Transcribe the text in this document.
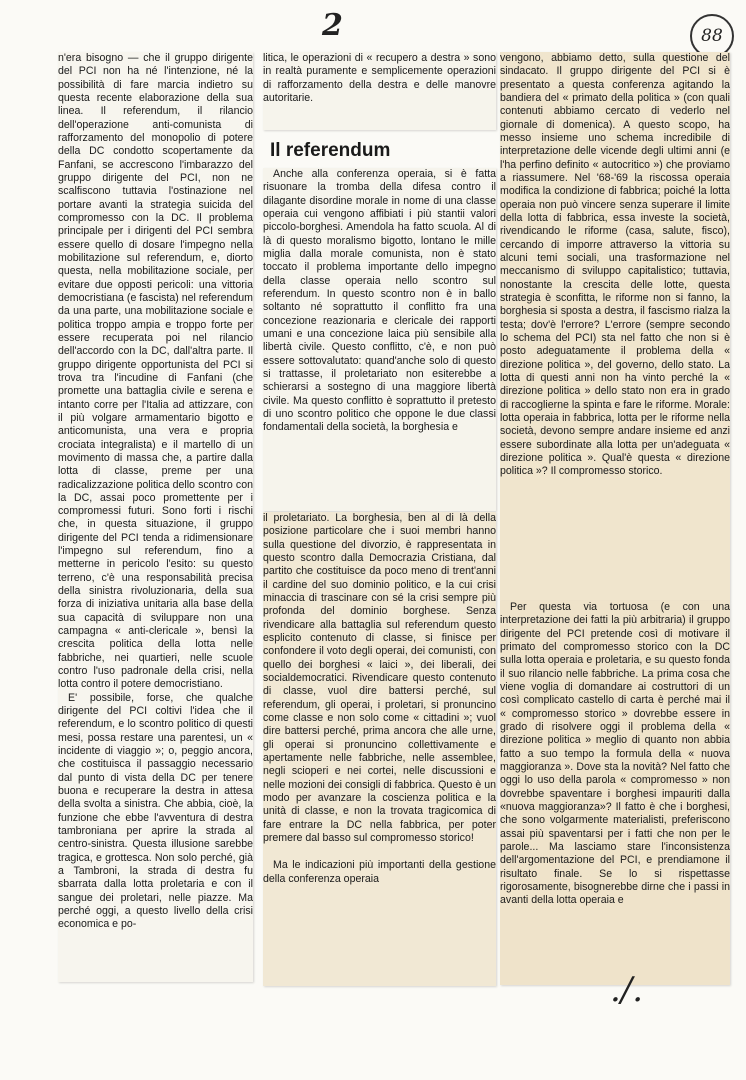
2	88

n'era bisogno — che il gruppo dirigente del PCI non ha né l'intenzione, né la possibilità di fare marcia indietro su questa recente elaborazione della sua linea. Il referendum, il rilancio dell'operazione anti-comunista di rafforzamento del monopolio di potere della DC condotto scopertamente da Fanfani, se accrescono l'imbarazzo del gruppo dirigente del PCI, non ne scalfiscono tuttavia l'ostinazione nel portare avanti la strategia suicida del compromesso con la DC. Il problema principale per i dirigenti del PCI sembra essere quello di dosare l'impegno nella mobilitazione sul referendum, e, diorto questa, nella mobilitazione sociale, per evitare due opposti pericoli: una vittoria democristiana (e fascista) nel referendum da una parte, una mobilitazione sociale e politica troppo ampia e troppo forte per essere recuperata poi nel rilancio dell'accordo con la DC, dall'altra parte. Il gruppo dirigente opportunista del PCI si trova tra l'incudine di Fanfani (che promette una battaglia civile e serena e intanto corre per l'Italia ad attizzare, con il più volgare armamentario bigotto e anticomunista, una vera e propria crociata integralista) e il martello di un movimento di massa che, a partire dalla lotta di classe, preme per una radicalizzazione politica dello scontro con la DC, assai poco promettente per i compromessi futuri. Sono forti i rischi che, in questa situazione, il gruppo dirigente del PCI tenda a ridimensionare l'impegno sul referendum, fino a metterne in pericolo l'esito: su questo terreno, c'è una responsabilità precisa della sinistra rivoluzionaria, della sua forza di iniziativa unitaria alla base della sua capacità di sviluppare non una campagna « anti-clericale », bensì la crescita politica della lotta nelle fabbriche, nei quartieri, nelle scuole contro l'uso padronale della crisi, nella lotta contro il potere democristiano.

E' possibile, forse, che qualche dirigente del PCI coltivi l'idea che il referendum, e lo scontro politico di questi mesi, possa restare una parentesi, un « incidente di viaggio »; o, peggio ancora, che costituisca il passaggio necessario dal punto di vista della DC per tenere buona e recuperare la destra in attesa della svolta a sinistra. Che abbia, cioè, la funzione che ebbe l'avventura di destra tambroniana per aprire la strada al centro-sinistra. Questa illusione sarebbe tragica, e grottesca. Non solo perché, già a Tambroni, la strada di destra fu sbarrata dalla lotta proletaria e con il sangue dei proletari, nelle piazze. Ma perché oggi, a questo livello della crisi economica e po-

litica, le operazioni di « recupero a destra » sono in realtà puramente e semplicemente operazioni di rafforzamento della destra e delle manovre autoritarie.

Il referendum

Anche alla conferenza operaia, si è fatta risuonare la tromba della difesa contro il dilagante disordine morale in nome di una classe operaia cui vengono affibiati i più stantii valori piccolo-borghesi. Amendola ha fatto scuola. Al di là di questo moralismo bigotto, lontano le mille miglia dalla morale comunista, non è stato toccato il problema importante dello impegno della classe operaia nello scontro sul referendum. In questo scontro non è in ballo soltanto né soprattutto il conflitto fra una concezione reazionaria e clericale dei rapporti umani e una concezione laica più sensibile alla libertà civile. Questo conflitto, c'è, e non può essere sottovalutato: quand'anche solo di questo si trattasse, il proletariato non esiterebbe a schierarsi a sostegno di una maggiore libertà civile. Ma questo conflitto è soprattutto il pretesto di uno scontro politico che oppone le due classi fondamentali della società, la borghesia e

il proletariato. La borghesia, ben al di là della posizione particolare che i suoi membri hanno sulla questione del divorzio, è rappresentata in questo scontro dalla Democrazia Cristiana, dal partito che costituisce da poco meno di trent'anni il cardine del suo dominio politico, e la cui crisi minaccia di trascinare con sé la crisi sempre più profonda del dominio borghese. Senza rivendicare alla battaglia sul referendum questo esplicito contenuto di classe, si finisce per confondere il voto degli operai, dei comunisti, con quello dei borghesi « laici », dei liberali, dei socialdemocratici. Rivendicare questo contenuto di classe, vuol dire battersi perché, sul referendum, gli operai, i proletari, si pronuncino come classe e non solo come « cittadini »; vuol dire battersi perché, prima ancora che alle urne, gli operai si pronuncino collettivamente e apertamente nelle fabbriche, nelle assemblee, negli scioperi e nei cortei, nelle discussioni e nelle mozioni dei consigli di fabbrica. Questo è un modo per avanzare la coscienza politica e la unità di classe, e non la trovata tragicomica di fare entrare la DC nella fabbrica, per poter premere dal basso sul compromesso storico!

Ma le indicazioni più importanti della gestione della conferenza operaia

vengono, abbiamo detto, sulla questione del sindacato. Il gruppo dirigente del PCI si è presentato a questa conferenza agitando la bandiera del « primato della politica » (con quali contenuti abbiamo cercato di vederlo nel giornale di domenica). A questo scopo, ha messo insieme uno schema incredibile di interpretazione delle vicende degli ultimi anni (e l'ha perfino definito « autocritico ») che proviamo a riassumere. Nel '68-'69 la riscossa operaia modifica la condizione di fabbrica; poiché la lotta operaia non può vincere senza superare il limite della lotta di fabbrica, essa investe la società, rivendicando le riforme (casa, salute, fisco), cercando di imporre attraverso la vittoria su alcuni temi sociali, una trasformazione nel meccanismo di sviluppo capitalistico; tuttavia, nonostante la crescita delle lotte, questa strategia è sconfitta, le riforme non si fanno, la borghesia si sposta a destra, il fascismo rialza la testa; dov'è l'errore? L'errore (sempre secondo lo schema del PCI) sta nel fatto che non si è posto adeguatamente il problema della « direzione politica », del governo, dello stato. La lotta di questi anni non ha vinto perché la « direzione politica » dello stato non era in grado di raccoglierne la spinta e fare le riforme. Morale: lotta operaia in fabbrica, lotta per le riforme nella società, devono sempre andare insieme ed anzi essere subordinate alla lotta per un'adeguata « direzione politica ». Qual'è questa « direzione politica »? Il compromesso storico.

Per questa via tortuosa (e con una interpretazione dei fatti la più arbitraria) il gruppo dirigente del PCI pretende così di motivare il primato del compromesso storico con la DC sulla lotta operaia e proletaria, e su questo fonda il suo rilancio nelle fabbriche. La prima cosa che viene voglia di domandare ai costruttori di un così complicato castello di carta è perché mai il « compromesso storico » dovrebbe essere in grado di risolvere oggi il problema della « direzione politica » meglio di quanto non abbia fatto a suo tempo la formula della « nuova maggioranza ». Dove sta la novità? Nel fatto che oggi lo uso della parola « compromesso » non dovrebbe spaventare i borghesi impauriti dalla «nuova maggioranza»? Il fatto è che i borghesi, che sono volgarmente materialisti, preferiscono assai più spaventarsi per i fatti che non per le parole... Ma lasciamo stare l'inconsistenza dell'argomentazione del PCI, e prendiamone il risultato finale. Se lo si rispettasse rigorosamente, bisognerebbe dirne che i passi in avanti della lotta operaia e

./.
